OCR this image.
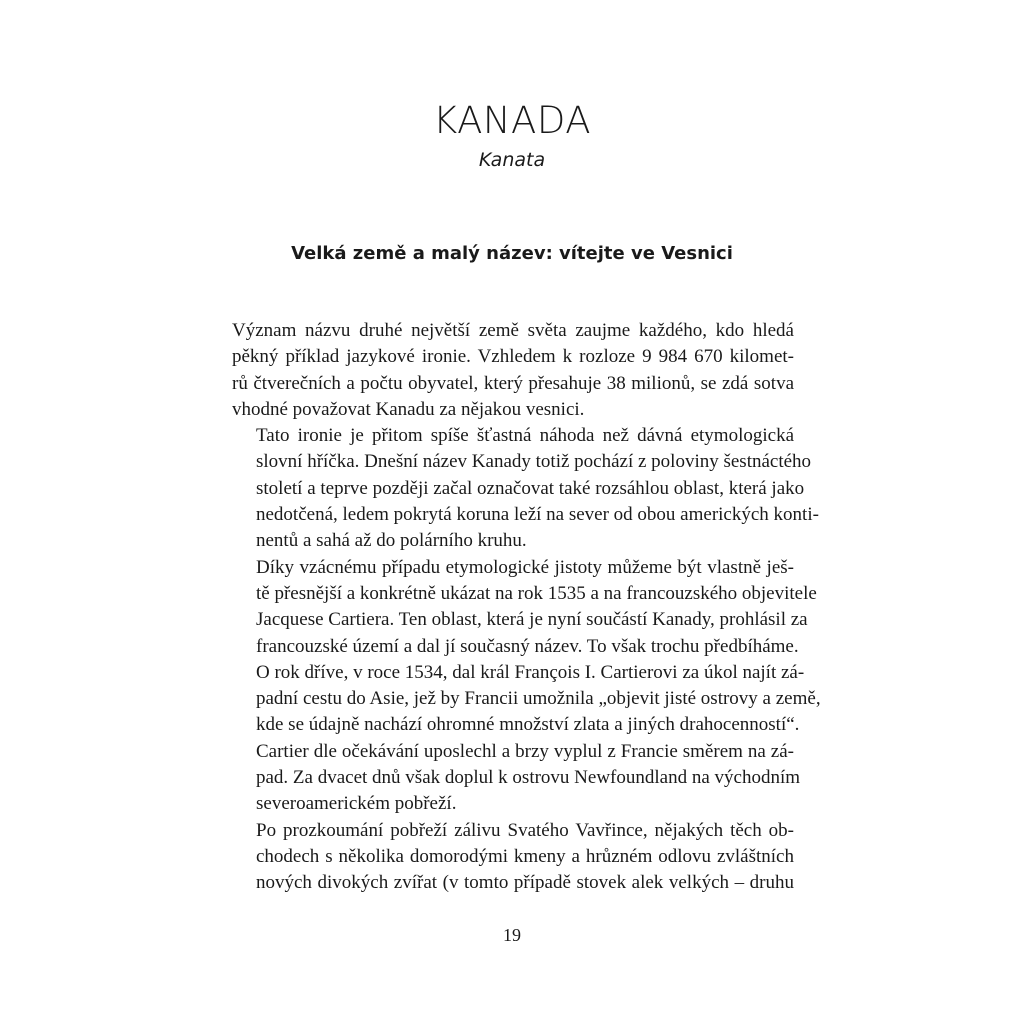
KANADA
Kanata
Velká země a malý název: vítejte ve Vesnici

Význam názvu druhé největší země světa zaujme každého, kdo hledá
pěkný příklad jazykové ironie. Vzhledem k rozloze 9 984 670 kilomet-
rů čtverečních a počtu obyvatel, který přesahuje 38 milionů, se zdá sotva
vhodné považovat Kanadu za nějakou vesnici.

Tato ironie je přitom spíše šťastná náhoda než dávná etymologická
slovní hříčka. Dnešní název Kanady totiž pochází z poloviny šestnáctého
století a teprve později začal označovat také rozsáhlou oblast, která jako
nedotčená, ledem pokrytá koruna leží na sever od obou amerických konti-
nentů a sahá až do polárního kruhu.

Díky vzácnému případu etymologické jistoty můžeme být vlastně ješ-
tě přesnější a konkrétně ukázat na rok 1535 a na francouzského objevitele
Jacquese Cartiera. Ten oblast, která je nyní součástí Kanady, prohlásil za
francouzské území a dal jí současný název. To však trochu předbíháme.

O rok dříve, v roce 1534, dal král François I. Cartierovi za úkol najít zá-
padní cestu do Asie, jež by Francii umožnila „objevit jisté ostrovy a země,
kde se údajně nachází ohromné množství zlata a jiných drahocenností“.
Cartier dle očekávání uposlechl a brzy vyplul z Francie směrem na zá-
pad. Za dvacet dnů však doplul k ostrovu Newfoundland na východním
severoamerickém pobřeží.

Po prozkoumání pobřeží zálivu Svatého Vavřince, nějakých těch ob-
chodech s několika domorodými kmeny a hrůzném odlovu zvláštních
nových divokých zvířat (v tomto případě stovek alek velkých – druhu

19
